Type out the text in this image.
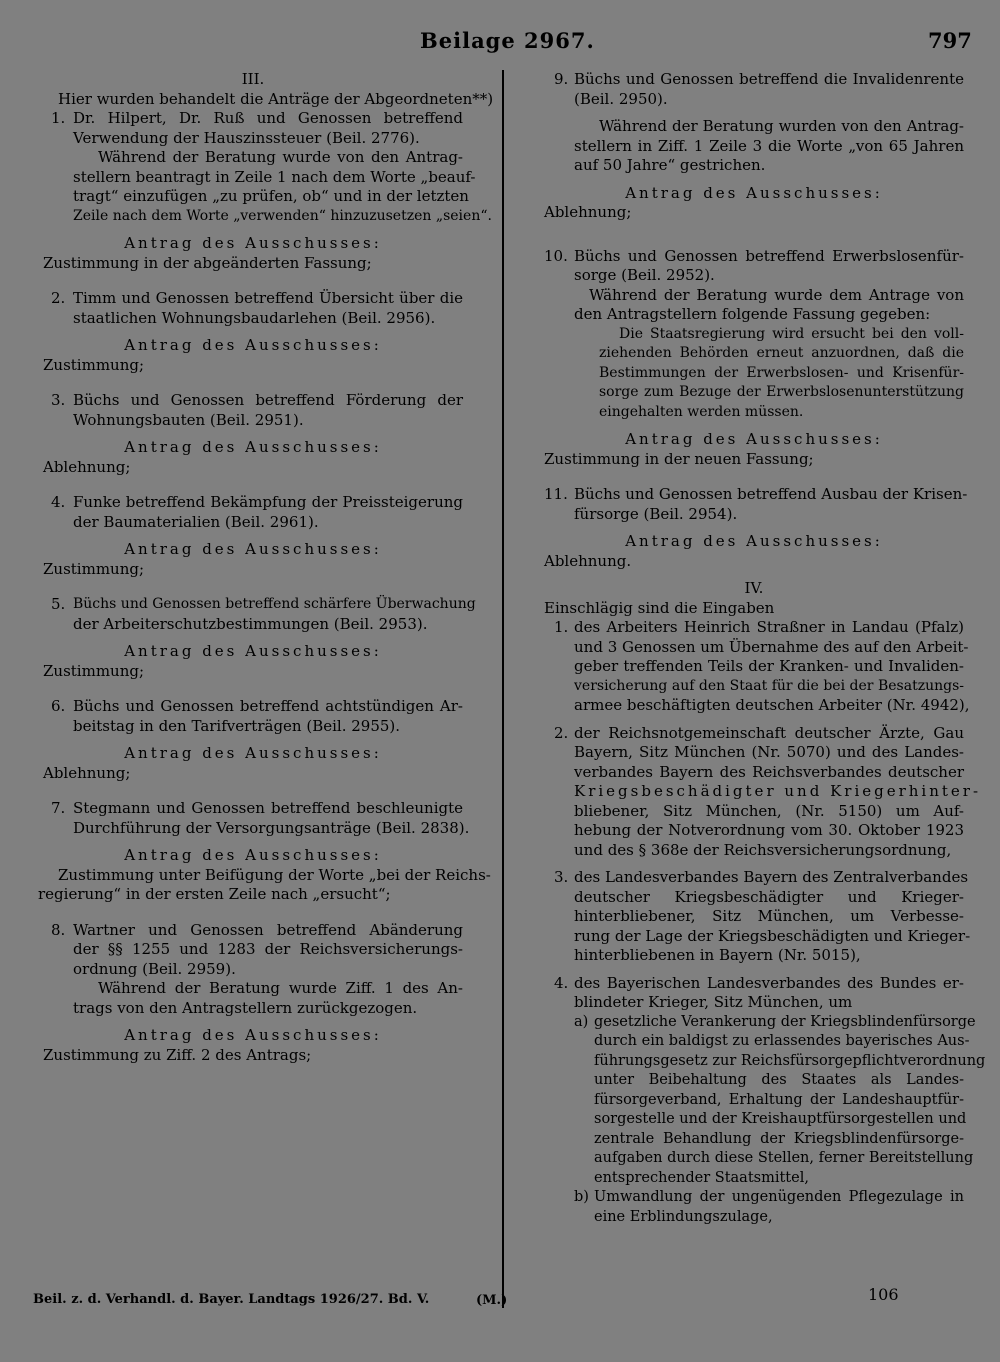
Beilage 2967.	797
III.
Hier wurden behandelt die Anträge der Abgeordneten**)
1. Dr. Hilpert, Dr. Ruß und Genossen betreffend
Verwendung der Hauszinssteuer (Beil. 2776).
Während der Beratung wurde von den Antrag-
stellern beantragt in Zeile 1 nach dem Worte „beauf-
tragt“ einzufügen „zu prüfen, ob“ und in der letzten
Zeile nach dem Worte „verwenden“ hinzuzusetzen „seien“.
Antrag des Ausschusses:
Zustimmung in der abgeänderten Fassung;
2. Timm und Genossen betreffend Übersicht über die
staatlichen Wohnungsbaudarlehen (Beil. 2956).
Antrag des Ausschusses:
Zustimmung;
3. Büchs und Genossen betreffend Förderung der
Wohnungsbauten (Beil. 2951).
Antrag des Ausschusses:
Ablehnung;
4. Funke betreffend Bekämpfung der Preissteigerung
der Baumaterialien (Beil. 2961).
Antrag des Ausschusses:
Zustimmung;
5. Büchs und Genossen betreffend schärfere Überwachung
der Arbeiterschutzbestimmungen (Beil. 2953).
Antrag des Ausschusses:
Zustimmung;
6. Büchs und Genossen betreffend achtstündigen Ar-
beitstag in den Tarifverträgen (Beil. 2955).
Antrag des Ausschusses:
Ablehnung;
7. Stegmann und Genossen betreffend beschleunigte
Durchführung der Versorgungsanträge (Beil. 2838).
Antrag des Ausschusses:
Zustimmung unter Beifügung der Worte „bei der Reichs-
regierung“ in der ersten Zeile nach „ersucht“;
8. Wartner und Genossen betreffend Abänderung
der §§ 1255 und 1283 der Reichsversicherungs-
ordnung (Beil. 2959).
Während der Beratung wurde Ziff. 1 des An-
trags von den Antragstellern zurückgezogen.
Antrag des Ausschusses:
Zustimmung zu Ziff. 2 des Antrags;
9. Büchs und Genossen betreffend die Invalidenrente
(Beil. 2950).
Während der Beratung wurden von den Antrag-
stellern in Ziff. 1 Zeile 3 die Worte „von 65 Jahren
auf 50 Jahre“ gestrichen.
Antrag des Ausschusses:
Ablehnung;
10. Büchs und Genossen betreffend Erwerbslosenfür-
sorge (Beil. 2952).
Während der Beratung wurde dem Antrage von
den Antragstellern folgende Fassung gegeben:
Die Staatsregierung wird ersucht bei den voll-
ziehenden Behörden erneut anzuordnen, daß die
Bestimmungen der Erwerbslosen- und Krisenfür-
sorge zum Bezuge der Erwerbslosenunterstützung
eingehalten werden müssen.
Antrag des Ausschusses:
Zustimmung in der neuen Fassung;
11. Büchs und Genossen betreffend Ausbau der Krisen-
fürsorge (Beil. 2954).
Antrag des Ausschusses:
Ablehnung.
IV.
Einschlägig sind die Eingaben
1. des Arbeiters Heinrich Straßner in Landau (Pfalz)
und 3 Genossen um Übernahme des auf den Arbeit-
geber treffenden Teils der Kranken- und Invaliden-
versicherung auf den Staat für die bei der Besatzungs-
armee beschäftigten deutschen Arbeiter (Nr. 4942),
2. der Reichsnotgemeinschaft deutscher Ärzte, Gau
Bayern, Sitz München (Nr. 5070) und des Landes-
verbandes Bayern des Reichsverbandes deutscher
Kriegsbeschädigter und Kriegerhinter-
bliebener, Sitz München, (Nr. 5150) um Auf-
hebung der Notverordnung vom 30. Oktober 1923
und des § 368e der Reichsversicherungsordnung,
3. des Landesverbandes Bayern des Zentralverbandes
deutscher Kriegsbeschädigter und Krieger-
hinterbliebener, Sitz München, um Verbesse-
rung der Lage der Kriegsbeschädigten und Krieger-
hinterbliebenen in Bayern (Nr. 5015),
4. des Bayerischen Landesverbandes des Bundes er-
blindeter Krieger, Sitz München, um
a) gesetzliche Verankerung der Kriegsblindenfürsorge
durch ein baldigst zu erlassendes bayerisches Aus-
führungsgesetz zur Reichsfürsorgepflichtverordnung
unter Beibehaltung des Staates als Landes-
fürsorgeverband, Erhaltung der Landeshauptfür-
sorgestelle und der Kreishauptfürsorgestellen und
zentrale Behandlung der Kriegsblindenfürsorge-
aufgaben durch diese Stellen, ferner Bereitstellung
entsprechender Staatsmittel,
b) Umwandlung der ungenügenden Pflegezulage in
eine Erblindungszulage,
Beil. z. d. Verhandl. d. Bayer. Landtags 1926/27. Bd. V.	(M.)	106
